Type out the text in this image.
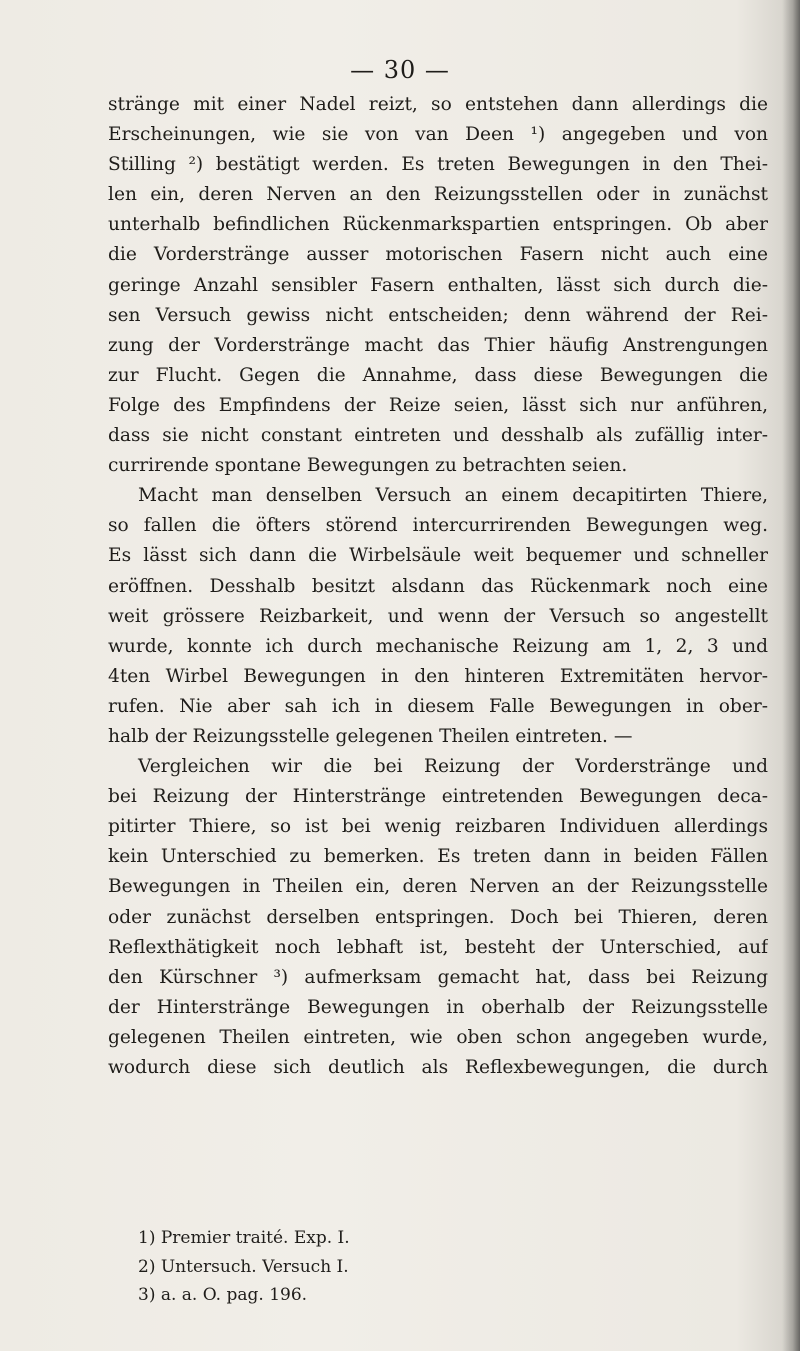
— 30 —
stränge mit einer Nadel reizt, so entstehen dann allerdings die
Erscheinungen, wie sie von van Deen ¹) angegeben und von
Stilling ²) bestätigt werden. Es treten Bewegungen in den Thei-
len ein, deren Nerven an den Reizungsstellen oder in zunächst
unterhalb befindlichen Rückenmarkspartien entspringen. Ob aber
die Vorderstränge ausser motorischen Fasern nicht auch eine
geringe Anzahl sensibler Fasern enthalten, lässt sich durch die-
sen Versuch gewiss nicht entscheiden; denn während der Rei-
zung der Vorderstränge macht das Thier häufig Anstrengungen
zur Flucht. Gegen die Annahme, dass diese Bewegungen die
Folge des Empfindens der Reize seien, lässt sich nur anführen,
dass sie nicht constant eintreten und desshalb als zufällig inter-
currirende spontane Bewegungen zu betrachten seien.
Macht man denselben Versuch an einem decapitirten Thiere,
so fallen die öfters störend intercurrirenden Bewegungen weg.
Es lässt sich dann die Wirbelsäule weit bequemer und schneller
eröffnen. Desshalb besitzt alsdann das Rückenmark noch eine
weit grössere Reizbarkeit, und wenn der Versuch so angestellt
wurde, konnte ich durch mechanische Reizung am 1, 2, 3 und
4ten Wirbel Bewegungen in den hinteren Extremitäten hervor-
rufen. Nie aber sah ich in diesem Falle Bewegungen in ober-
halb der Reizungsstelle gelegenen Theilen eintreten. —
Vergleichen wir die bei Reizung der Vorderstränge und
bei Reizung der Hinterstränge eintretenden Bewegungen deca-
pitirter Thiere, so ist bei wenig reizbaren Individuen allerdings
kein Unterschied zu bemerken. Es treten dann in beiden Fällen
Bewegungen in Theilen ein, deren Nerven an der Reizungsstelle
oder zunächst derselben entspringen. Doch bei Thieren, deren
Reflexthätigkeit noch lebhaft ist, besteht der Unterschied, auf
den Kürschner ³) aufmerksam gemacht hat, dass bei Reizung
der Hinterstränge Bewegungen in oberhalb der Reizungsstelle
gelegenen Theilen eintreten, wie oben schon angegeben wurde,
wodurch diese sich deutlich als Reflexbewegungen, die durch
1) Premier traité. Exp. I.
2) Untersuch. Versuch I.
3) a. a. O. pag. 196.
